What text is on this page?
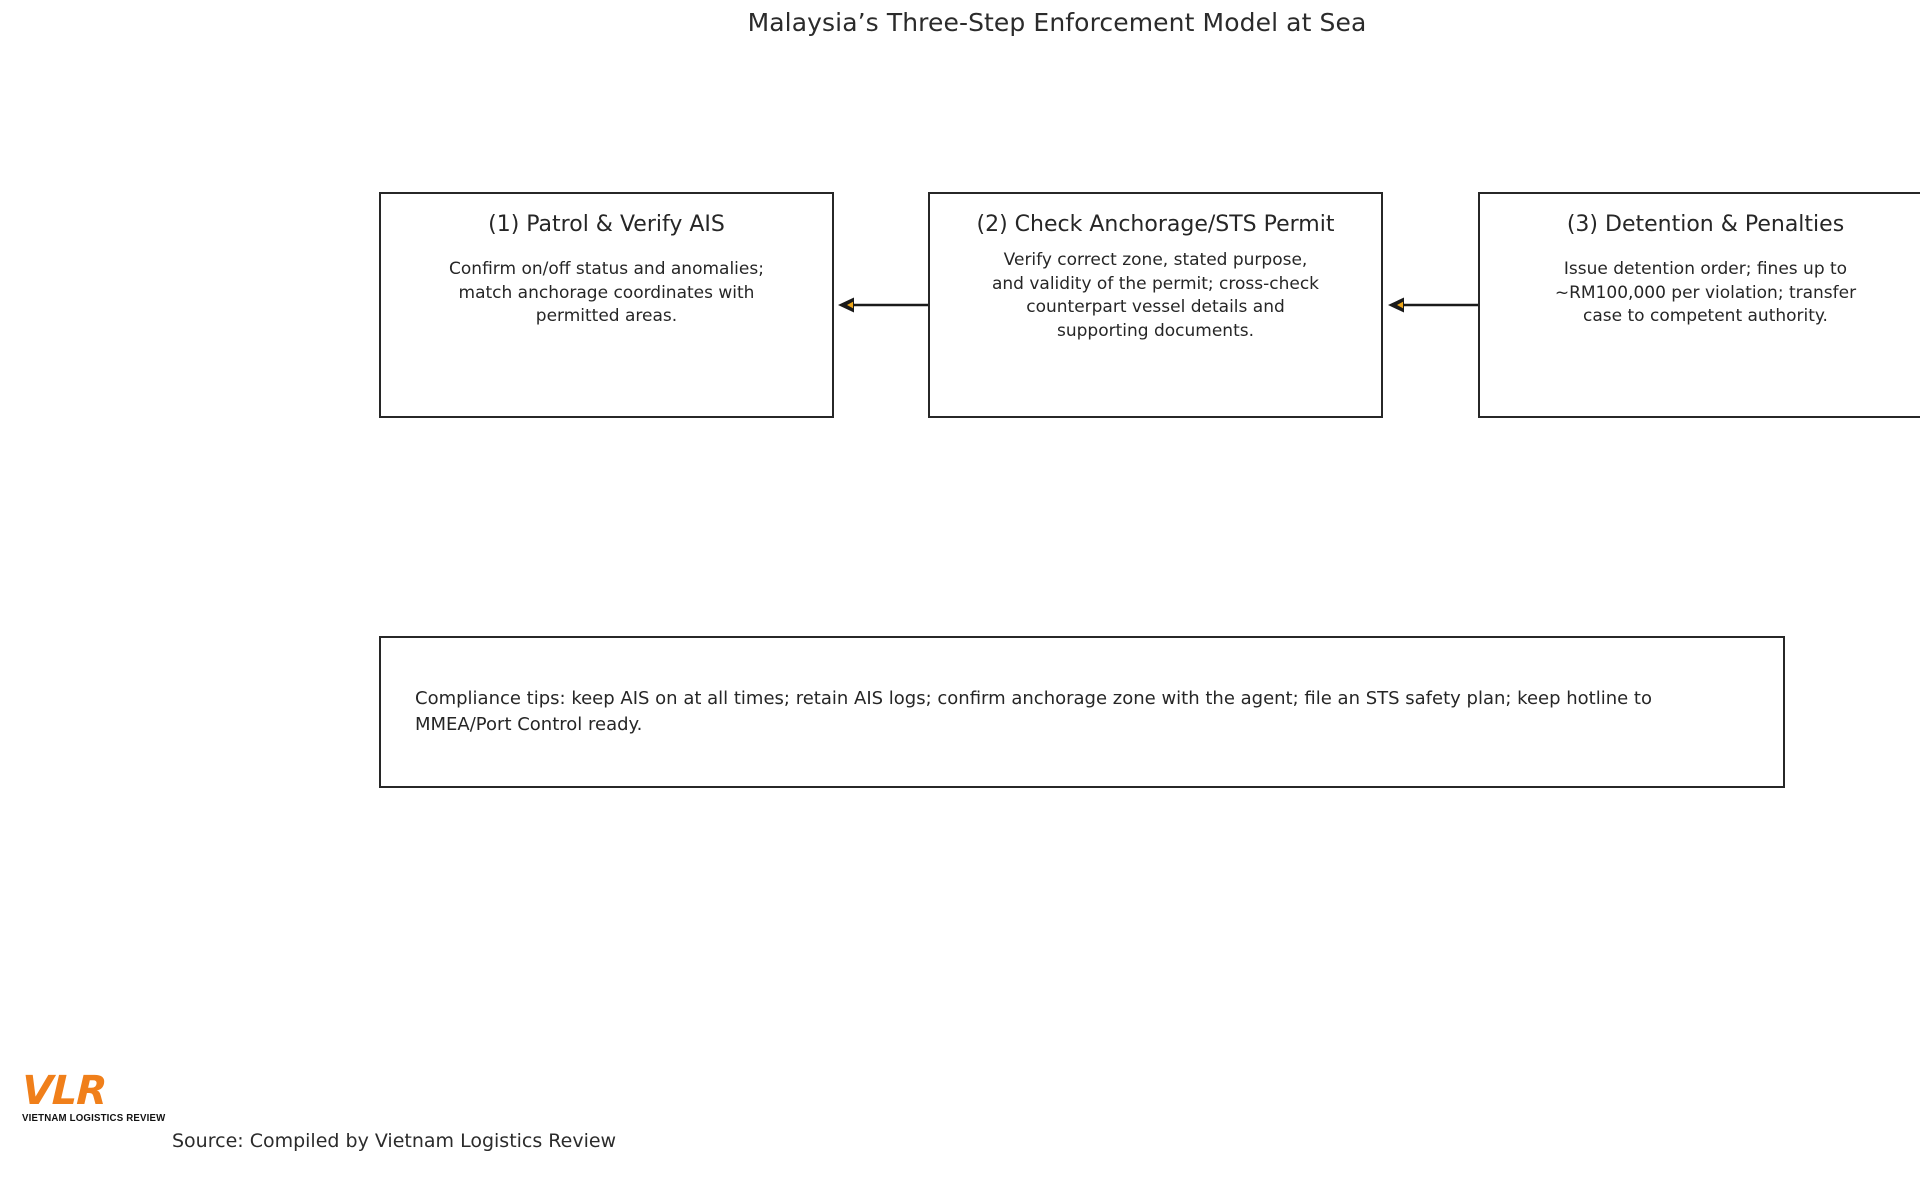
Malaysia’s Three-Step Enforcement Model at Sea
(1) Patrol & Verify AIS
Confirm on/off status and anomalies; match anchorage coordinates with permitted areas.
(2) Check Anchorage/STS Permit
Verify correct zone, stated purpose, and validity of the permit; cross-check counterpart vessel details and supporting documents.
(3) Detention & Penalties
Issue detention order; fines up to ~RM100,000 per violation; transfer case to competent authority.
Compliance tips: keep AIS on at all times; retain AIS logs; confirm anchorage zone with the agent; file an STS safety plan; keep hotline to MMEA/Port Control ready.
VLR
VIETNAM LOGISTICS REVIEW
Source: Compiled by Vietnam Logistics Review
